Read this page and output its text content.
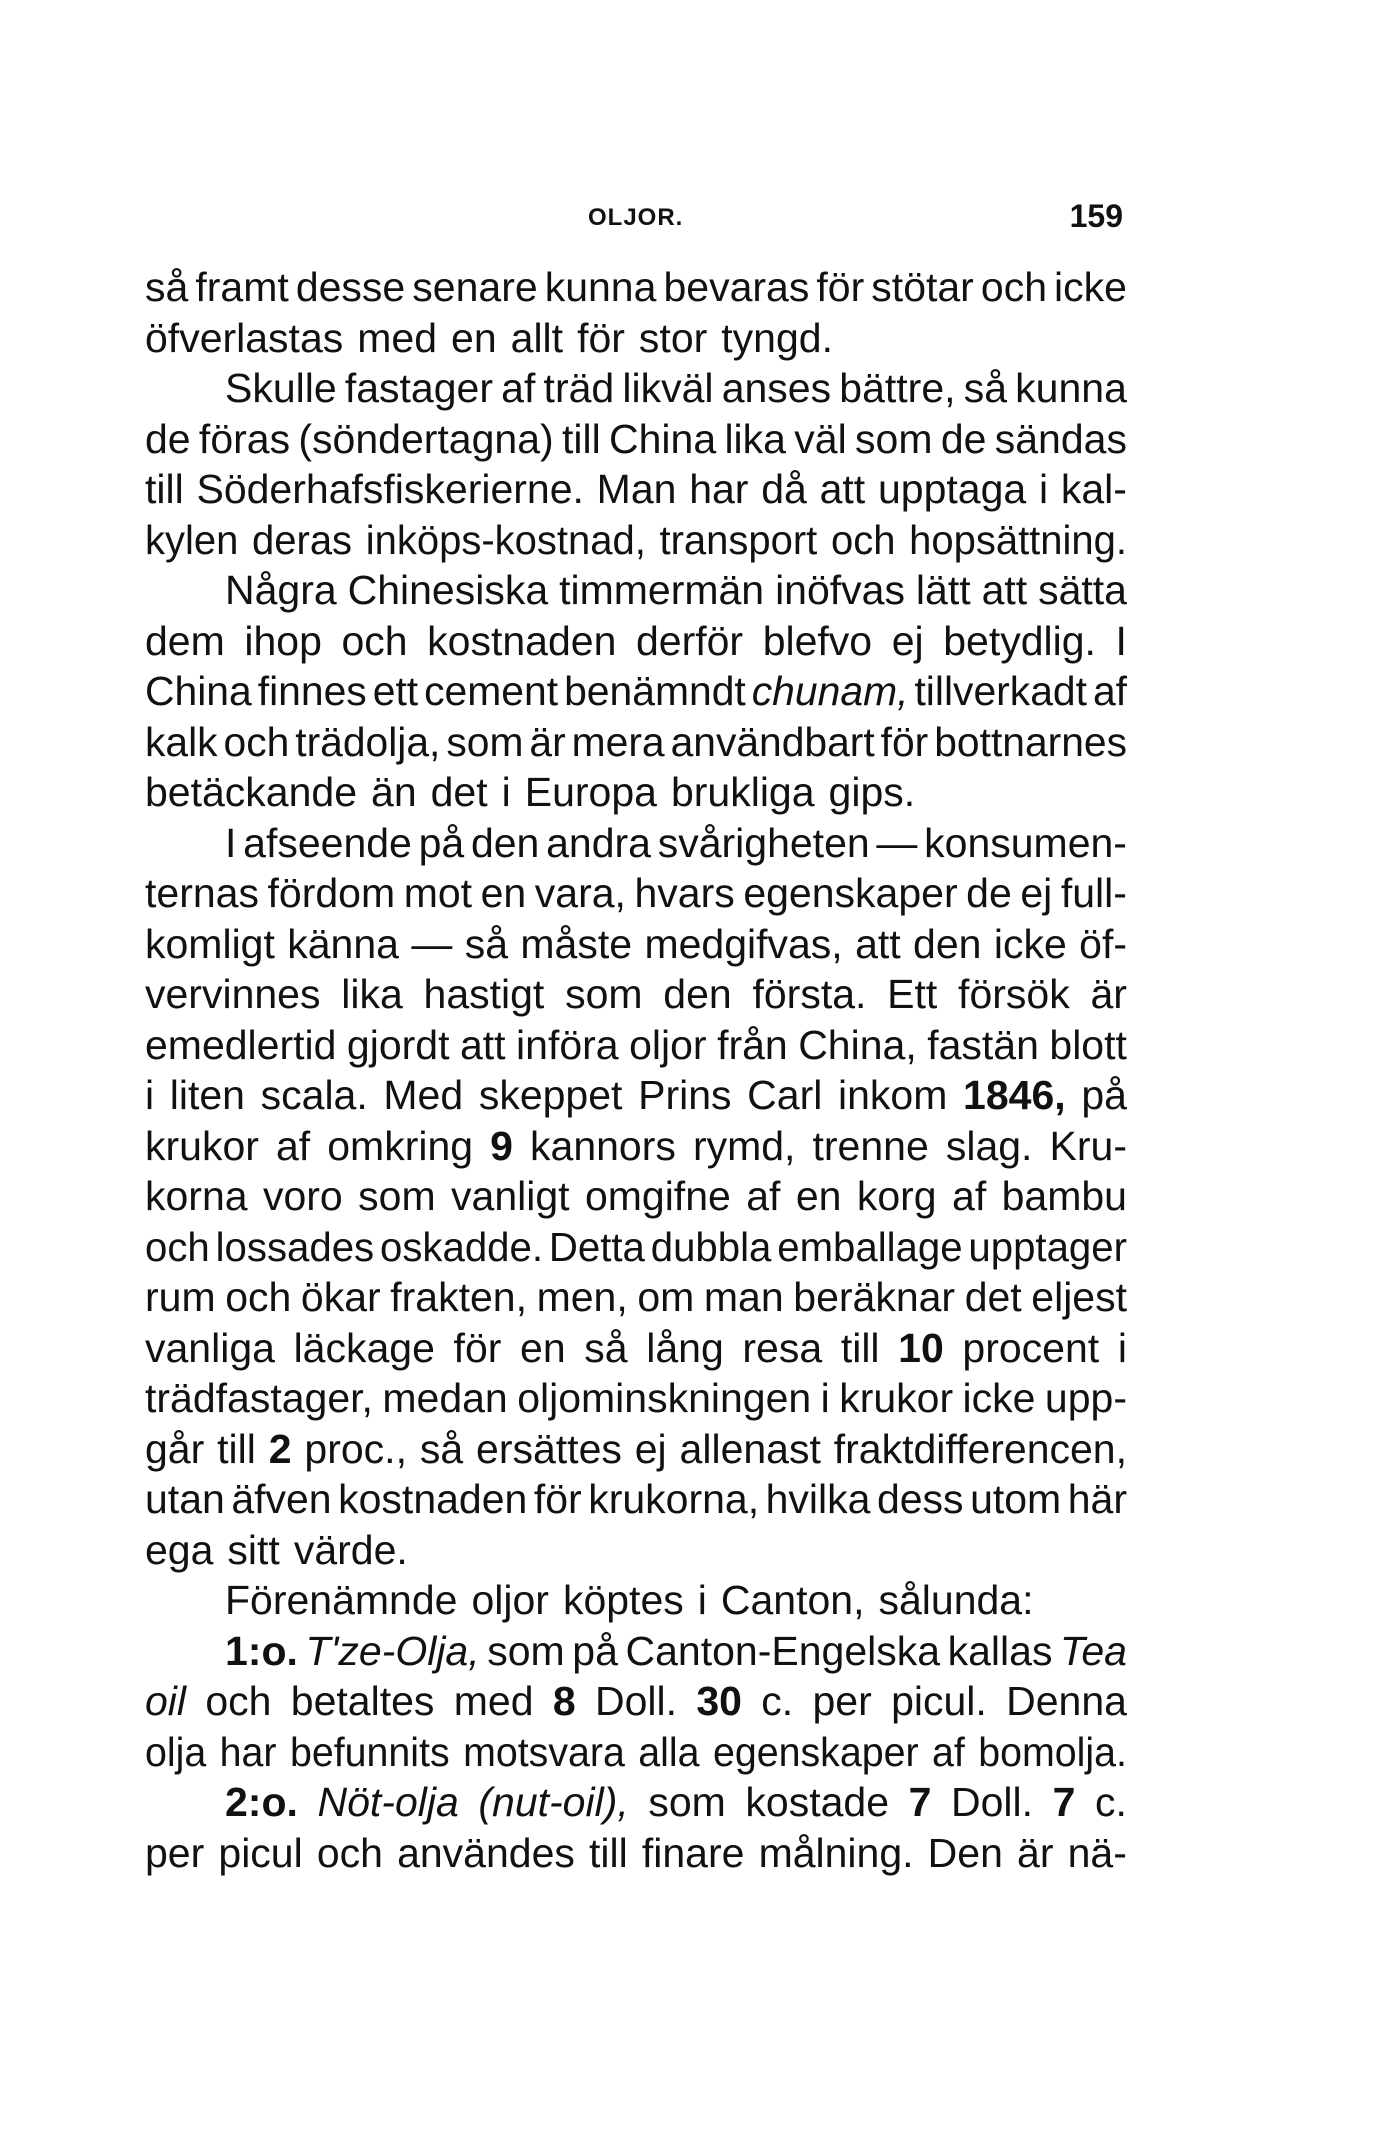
OLJOR.	159
så framt desse senare kunna bevaras för stötar och icke
öfverlastas med en allt för stor tyngd.
Skulle fastager af träd likväl anses bättre, så kunna
de föras (söndertagna) till China lika väl som de sändas
till Söderhafsfiskerierne. Man har då att upptaga i kal-
kylen deras inköps-kostnad, transport och hopsättning.
Några Chinesiska timmermän inöfvas lätt att sätta
dem ihop och kostnaden derför blefvo ej betydlig. I
China finnes ett cement benämndt chunam, tillverkadt af
kalk och trädolja, som är mera användbart för bottnarnes
betäckande än det i Europa brukliga gips.
I afseende på den andra svårigheten — konsumen-
ternas fördom mot en vara, hvars egenskaper de ej full-
komligt känna — så måste medgifvas, att den icke öf-
vervinnes lika hastigt som den första. Ett försök är
emedlertid gjordt att införa oljor från China, fastän blott
i liten scala. Med skeppet Prins Carl inkom 1846, på
krukor af omkring 9 kannors rymd, trenne slag. Kru-
korna voro som vanligt omgifne af en korg af bambu
och lossades oskadde. Detta dubbla emballage upptager
rum och ökar frakten, men, om man beräknar det eljest
vanliga läckage för en så lång resa till 10 procent i
trädfastager, medan oljominskningen i krukor icke upp-
går till 2 proc., så ersättes ej allenast fraktdifferencen,
utan äfven kostnaden för krukorna, hvilka dess utom här
ega sitt värde.
Förenämnde oljor köptes i Canton, sålunda:
1:o. T'ze-Olja, som på Canton-Engelska kallas Tea
oil och betaltes med 8 Doll. 30 c. per picul. Denna
olja har befunnits motsvara alla egenskaper af bomolja.
2:o. Nöt-olja (nut-oil), som kostade 7 Doll. 7 c.
per picul och användes till finare målning. Den är nä-
